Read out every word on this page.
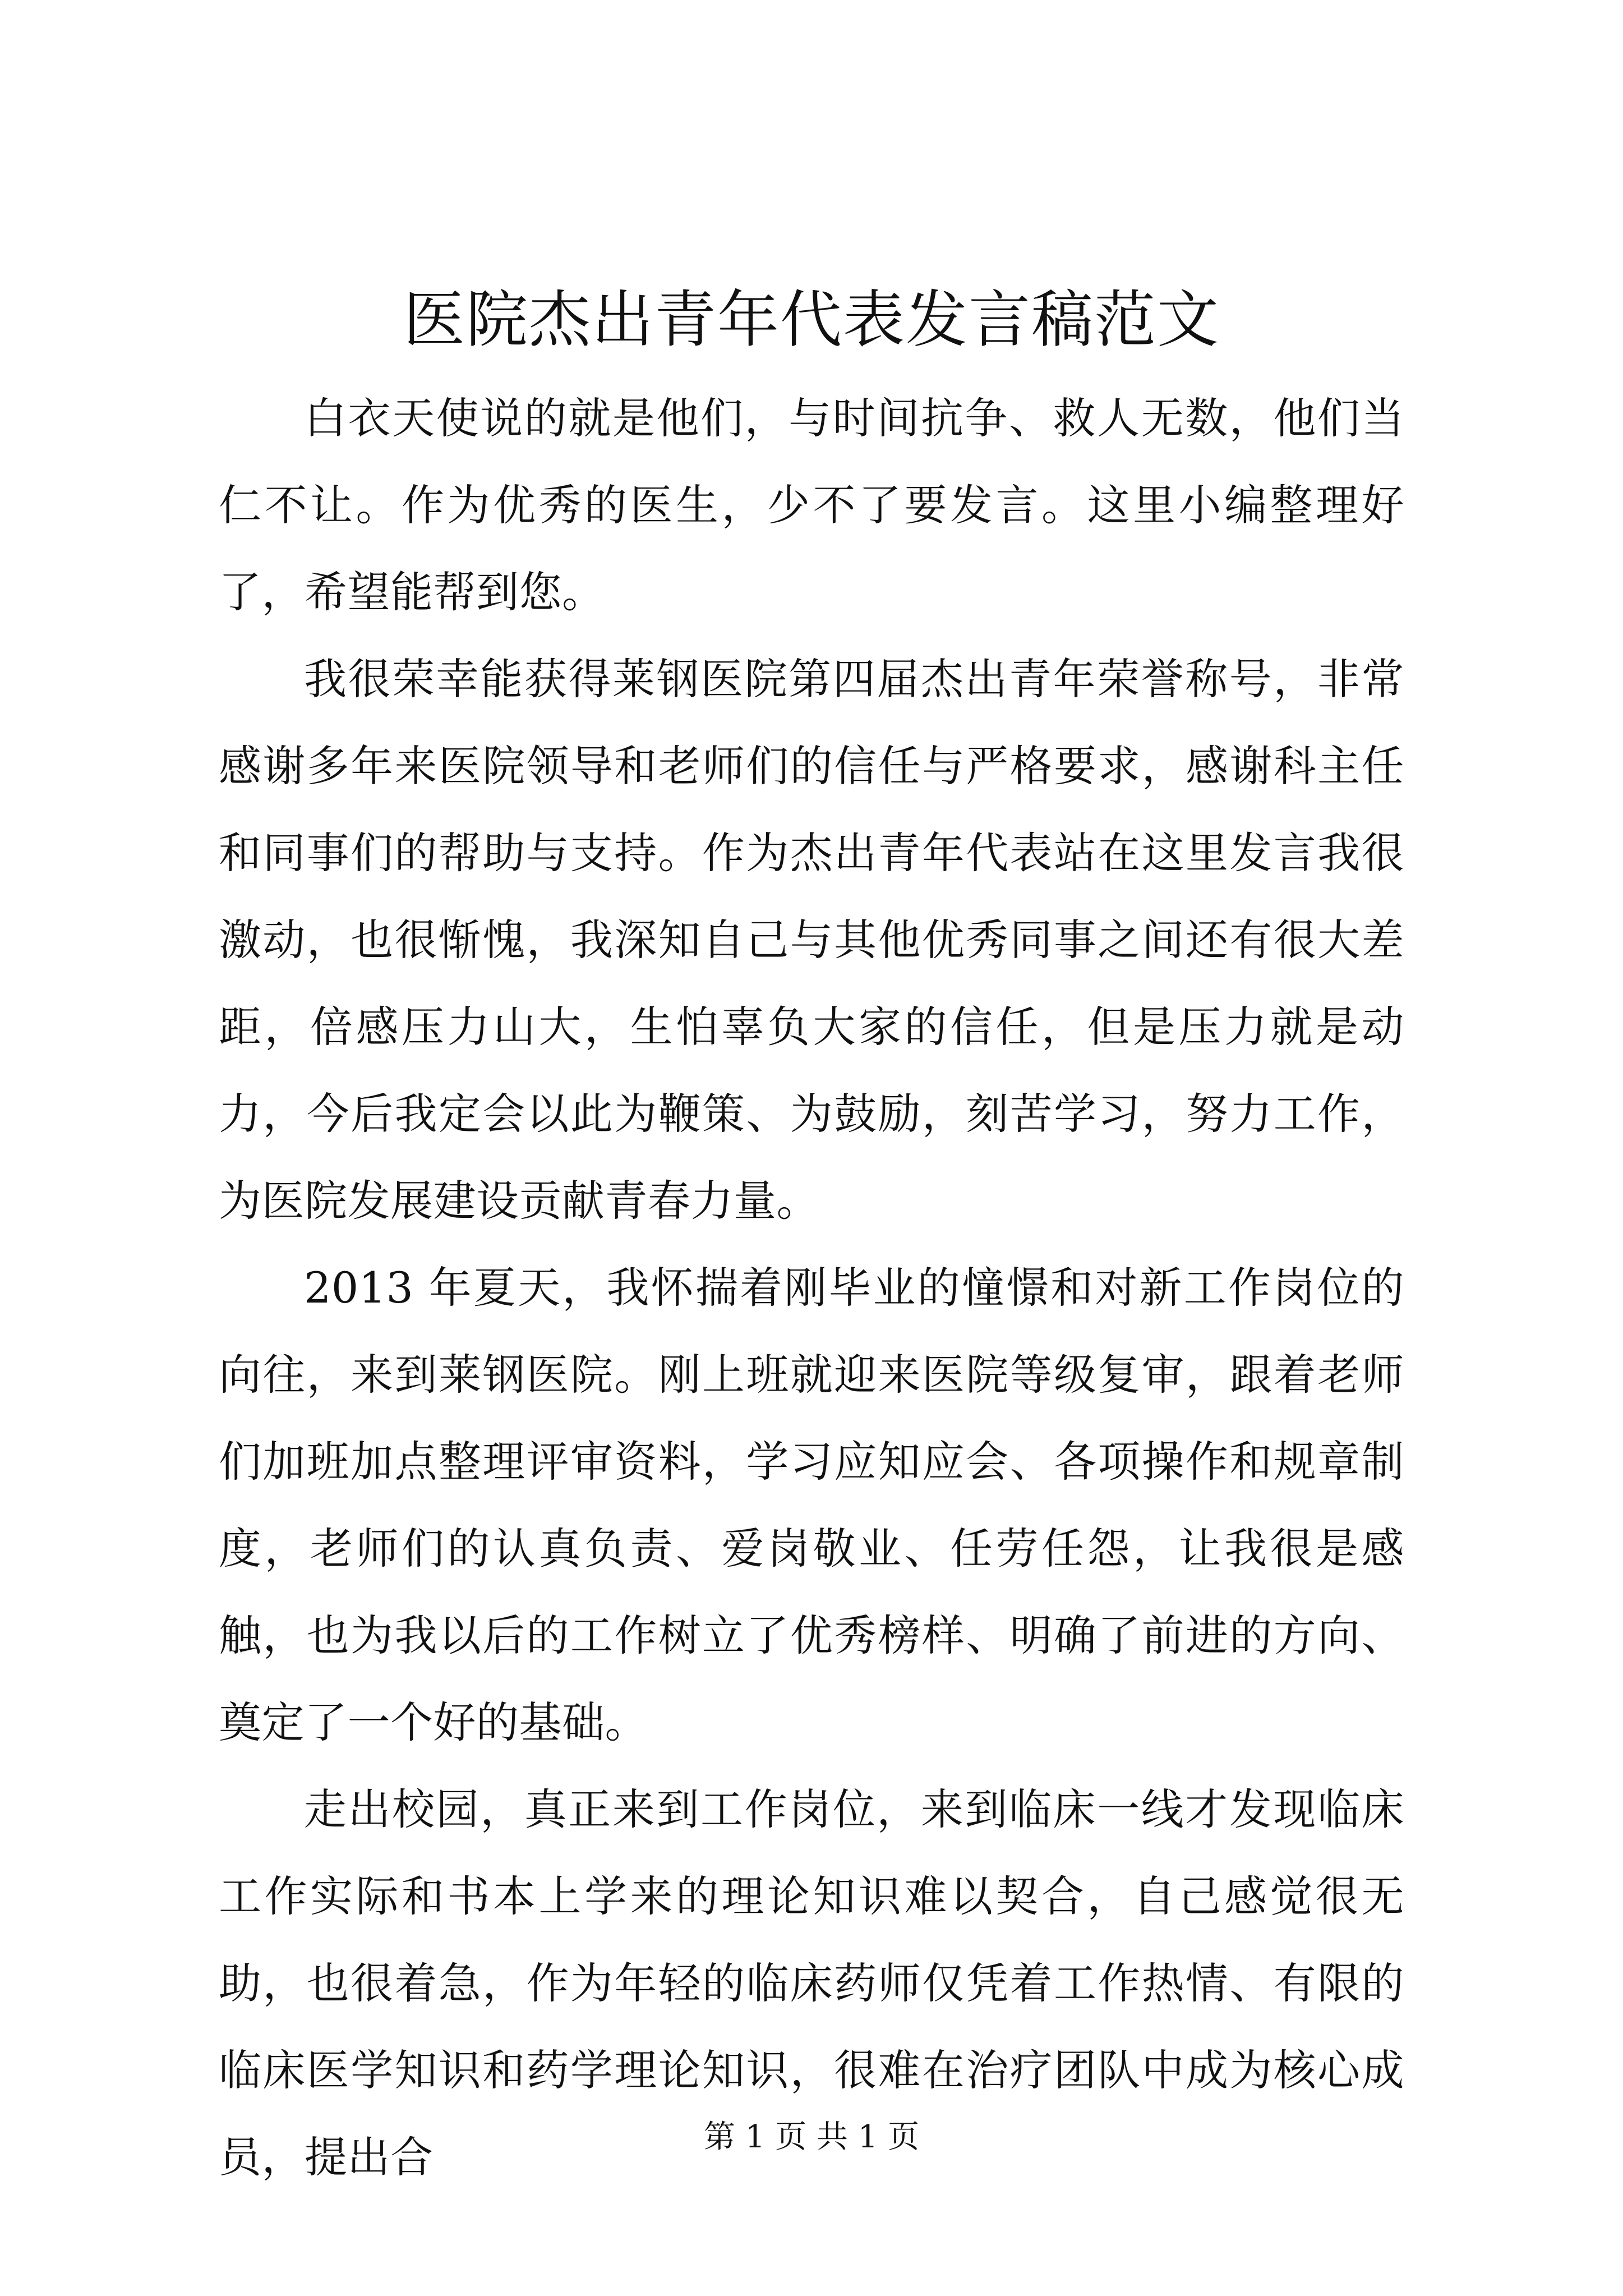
医院杰出青年代表发言稿范文

白衣天使说的就是他们，与时间抗争、救人无数，他们当仁不让。作为优秀的医生，少不了要发言。这里小编整理好了，希望能帮到您。

我很荣幸能获得莱钢医院第四届杰出青年荣誉称号，非常感谢多年来医院领导和老师们的信任与严格要求，感谢科主任和同事们的帮助与支持。作为杰出青年代表站在这里发言我很激动，也很惭愧，我深知自己与其他优秀同事之间还有很大差距，倍感压力山大，生怕辜负大家的信任，但是压力就是动力，今后我定会以此为鞭策、为鼓励，刻苦学习，努力工作，为医院发展建设贡献青春力量。

2013 年夏天，我怀揣着刚毕业的憧憬和对新工作岗位的向往，来到莱钢医院。刚上班就迎来医院等级复审，跟着老师们加班加点整理评审资料，学习应知应会、各项操作和规章制度，老师们的认真负责、爱岗敬业、任劳任怨，让我很是感触，也为我以后的工作树立了优秀榜样、明确了前进的方向、奠定了一个好的基础。

走出校园，真正来到工作岗位，来到临床一线才发现临床工作实际和书本上学来的理论知识难以契合，自己感觉很无助，也很着急，作为年轻的临床药师仅凭着工作热情、有限的临床医学知识和药学理论知识，很难在治疗团队中成为核心成员，提出合	第 1 页 共 1 页
